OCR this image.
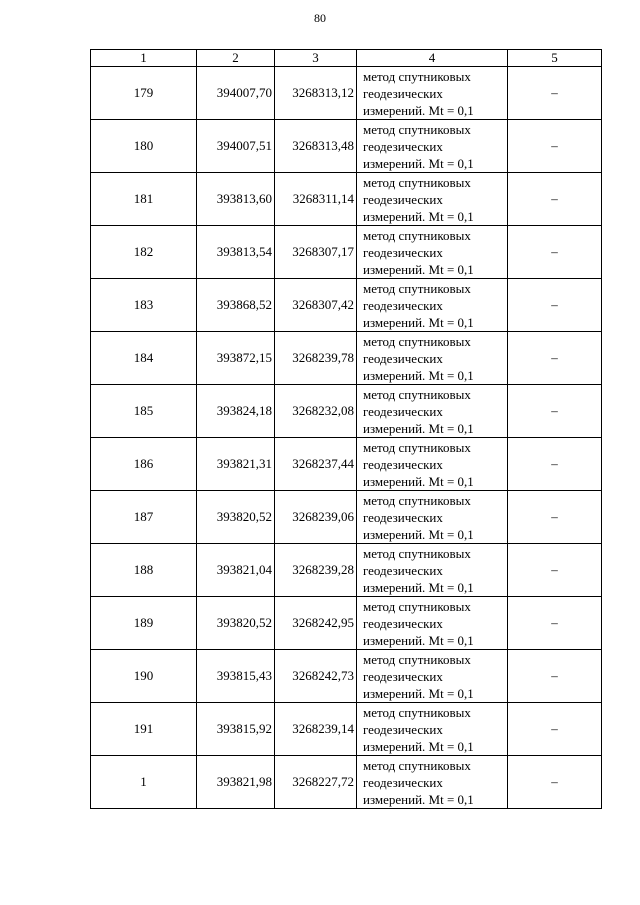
80
1	2	3	4	5
179	394007,70	3268313,12	метод спутниковых
геодезических
измерений. Mt = 0,1	–
180	394007,51	3268313,48	метод спутниковых
геодезических
измерений. Mt = 0,1	–
181	393813,60	3268311,14	метод спутниковых
геодезических
измерений. Mt = 0,1	–
182	393813,54	3268307,17	метод спутниковых
геодезических
измерений. Mt = 0,1	–
183	393868,52	3268307,42	метод спутниковых
геодезических
измерений. Mt = 0,1	–
184	393872,15	3268239,78	метод спутниковых
геодезических
измерений. Mt = 0,1	–
185	393824,18	3268232,08	метод спутниковых
геодезических
измерений. Mt = 0,1	–
186	393821,31	3268237,44	метод спутниковых
геодезических
измерений. Mt = 0,1	–
187	393820,52	3268239,06	метод спутниковых
геодезических
измерений. Mt = 0,1	–
188	393821,04	3268239,28	метод спутниковых
геодезических
измерений. Mt = 0,1	–
189	393820,52	3268242,95	метод спутниковых
геодезических
измерений. Mt = 0,1	–
190	393815,43	3268242,73	метод спутниковых
геодезических
измерений. Mt = 0,1	–
191	393815,92	3268239,14	метод спутниковых
геодезических
измерений. Mt = 0,1	–
1	393821,98	3268227,72	метод спутниковых
геодезических
измерений. Mt = 0,1	–
